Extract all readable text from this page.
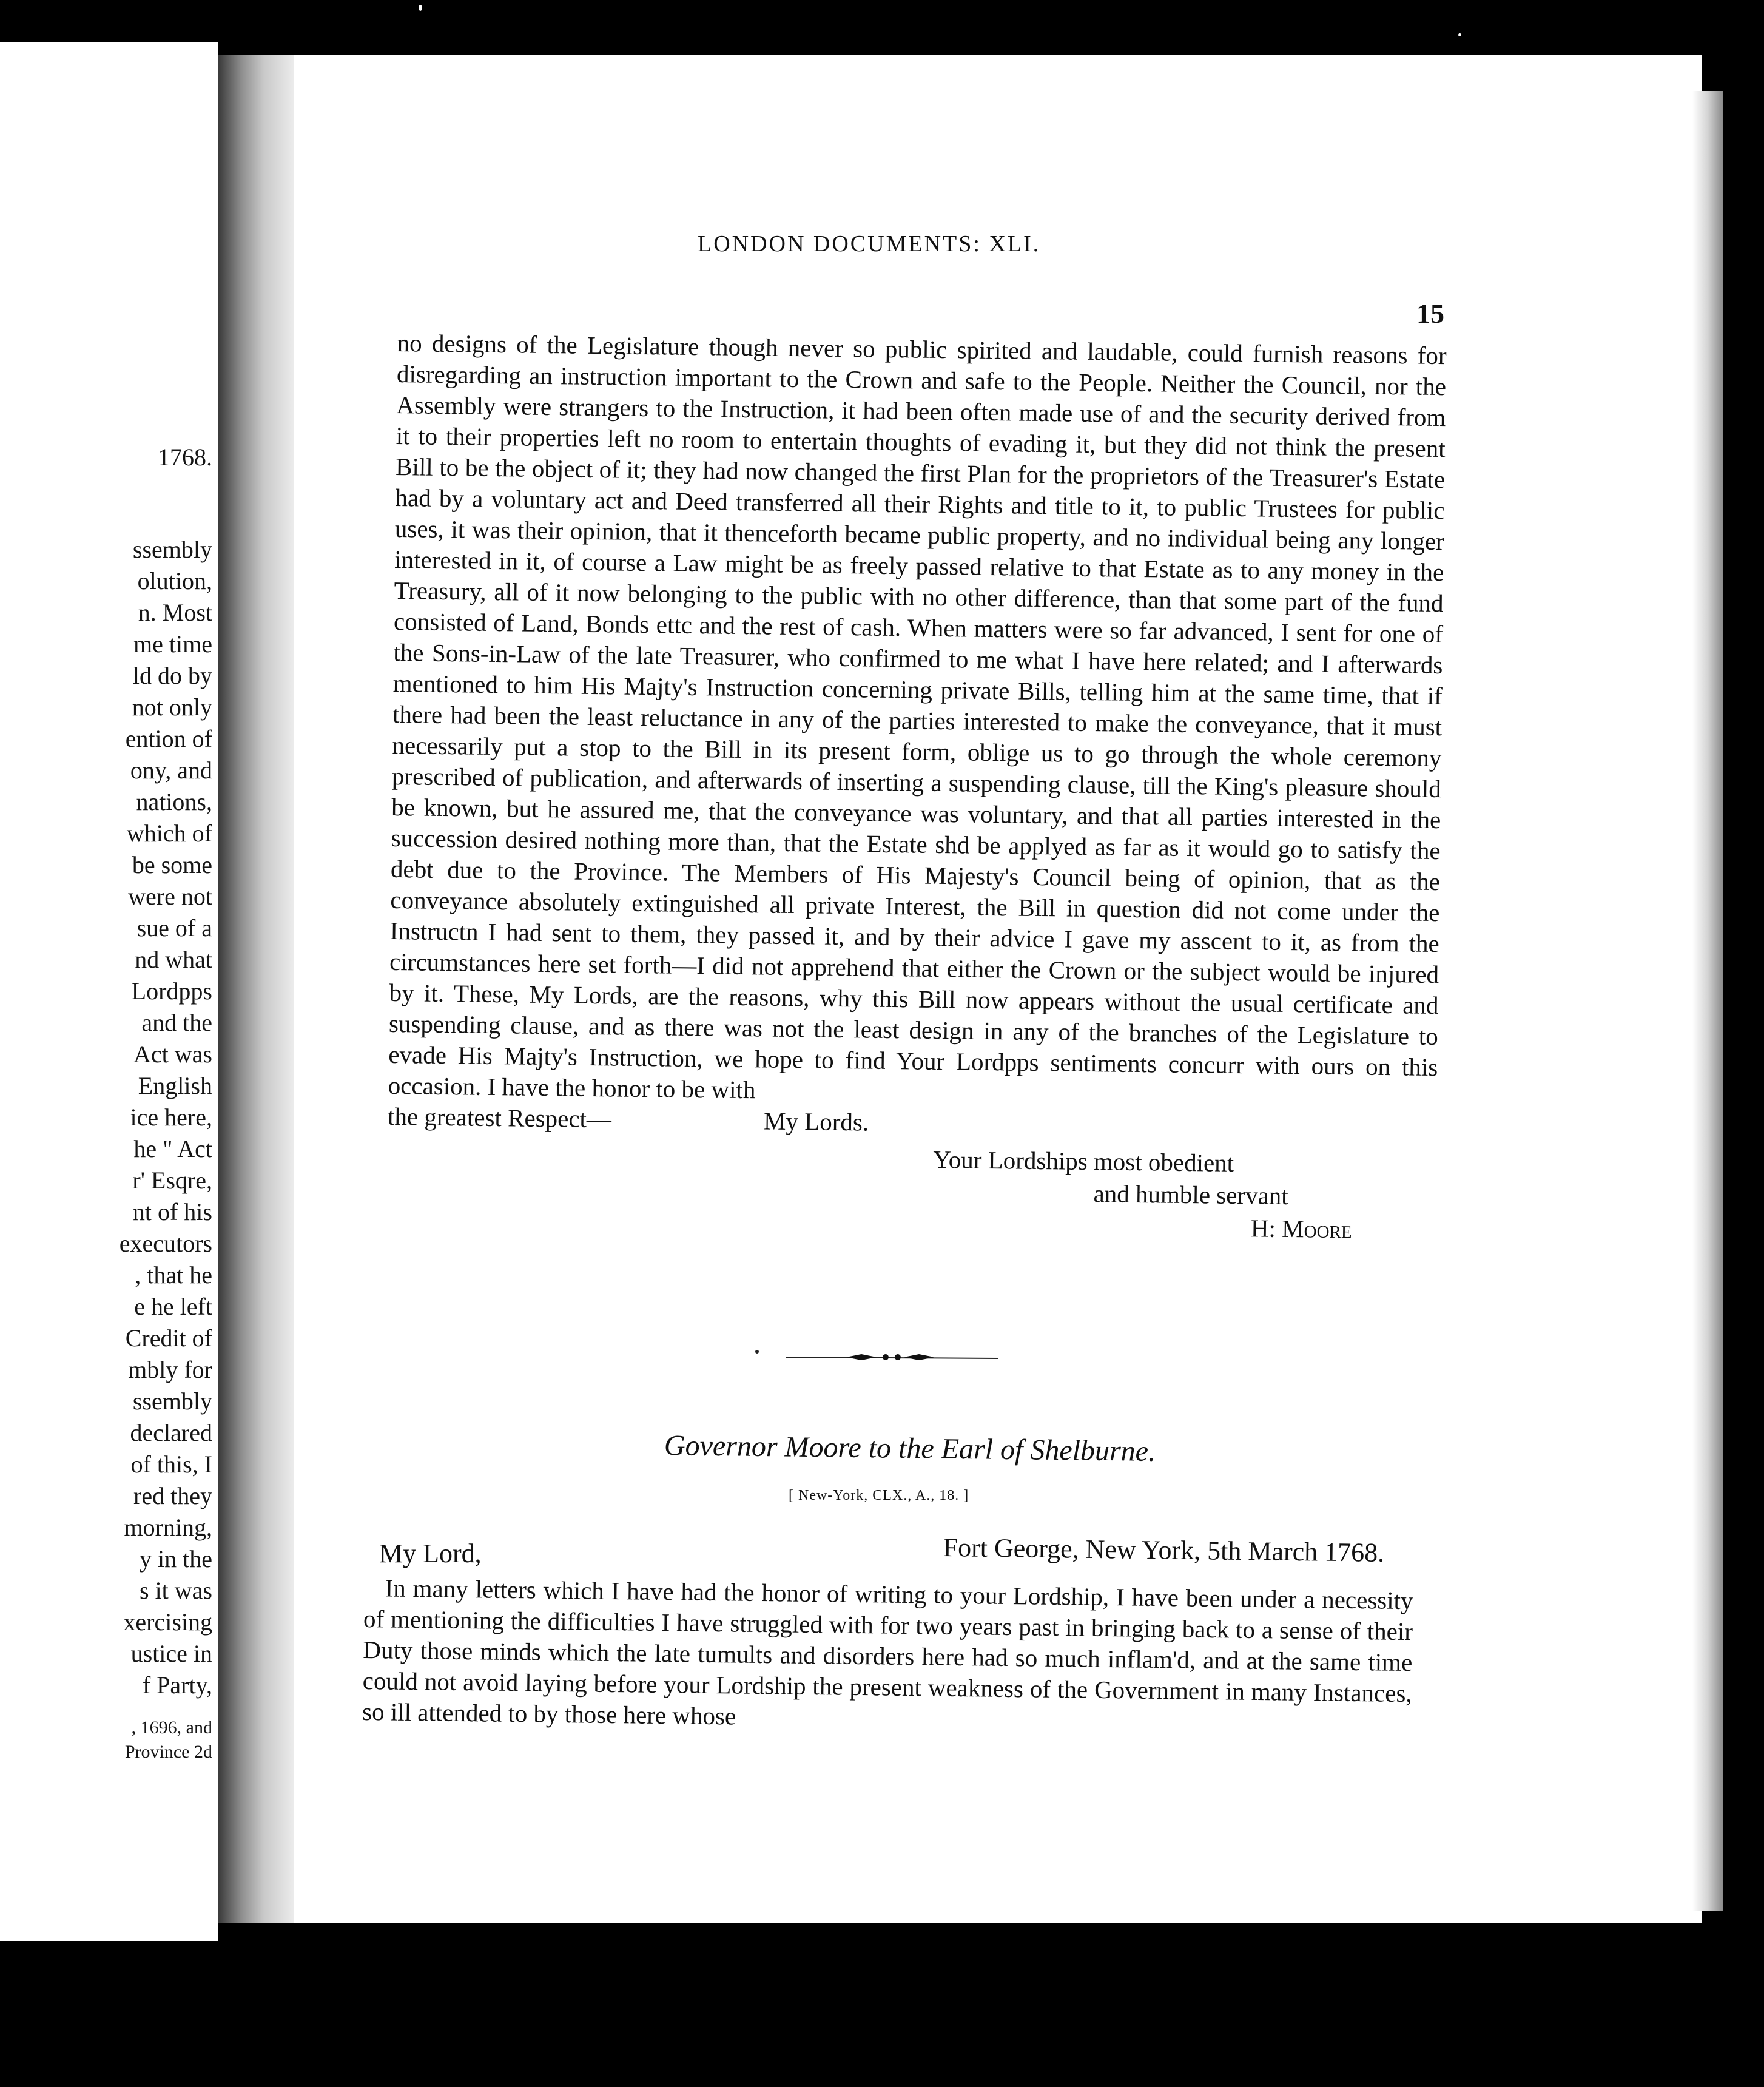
1768.
ssembly
olution,
n. Most
me time
ld do by
not only
ention of
ony, and
nations,
which of
be some
were not
sue of a
nd what
Lordpps
and the
Act was
English
ice here,
he " Act
r' Esqre,
nt of his
executors
, that he
e he left
Credit of
mbly for
ssembly
declared
of this, I
red they
morning,
y in the
s it was
xercising
ustice in
f Party,
, 1696, and
Province 2d
LONDON DOCUMENTS: XLI.
15

no designs of the Legislature though never so public spirited and laudable, could furnish reasons for disregarding an instruction important to the Crown and safe to the People. Neither the Council, nor the Assembly were strangers to the Instruction, it had been often made use of and the security derived from it to their properties left no room to entertain thoughts of evading it, but they did not think the present Bill to be the object of it; they had now changed the first Plan for the proprietors of the Treasurer's Estate had by a voluntary act and Deed transferred all their Rights and title to it, to public Trustees for public uses, it was their opinion, that it thenceforth became public property, and no individual being any longer interested in it, of course a Law might be as freely passed relative to that Estate as to any money in the Treasury, all of it now belonging to the public with no other difference, than that some part of the fund consisted of Land, Bonds ettc and the rest of cash. When matters were so far advanced, I sent for one of the Sons-in-Law of the late Treasurer, who confirmed to me what I have here related; and I afterwards mentioned to him His Majty's Instruction concerning private Bills, telling him at the same time, that if there had been the least reluctance in any of the parties interested to make the conveyance, that it must necessarily put a stop to the Bill in its present form, oblige us to go through the whole ceremony prescribed of publication, and afterwards of inserting a suspending clause, till the King's pleasure should be known, but he assured me, that the conveyance was voluntary, and that all parties interested in the succession desired nothing more than, that the Estate shd be applyed as far as it would go to satisfy the debt due to the Province. The Members of His Majesty's Council being of opinion, that as the conveyance absolutely extinguished all private Interest, the Bill in question did not come under the Instructn I had sent to them, they passed it, and by their advice I gave my asscent to it, as from the circumstances here set forth—I did not apprehend that either the Crown or the subject would be injured by it. These, My Lords, are the reasons, why this Bill now appears without the usual certificate and suspending clause, and as there was not the least design in any of the branches of the Legislature to evade His Majty's Instruction, we hope to find Your Lordpps sentiments concurr with ours on this occasion. I have the honor to be with

the greatest Respect—	My Lords.
Your Lordships most obedient
and humble servant
H: Moore
Governor Moore to the Earl of Shelburne.
[ New-York, CLX., A., 18. ]
My Lord,	Fort George, New York, 5th March 1768.

In many letters which I have had the honor of writing to your Lordship, I have been under a necessity of mentioning the difficulties I have struggled with for two years past in bringing back to a sense of their Duty those minds which the late tumults and disorders here had so much inflam'd, and at the same time could not avoid laying before your Lordship the present weakness of the Government in many Instances, so ill attended to by those here whose
